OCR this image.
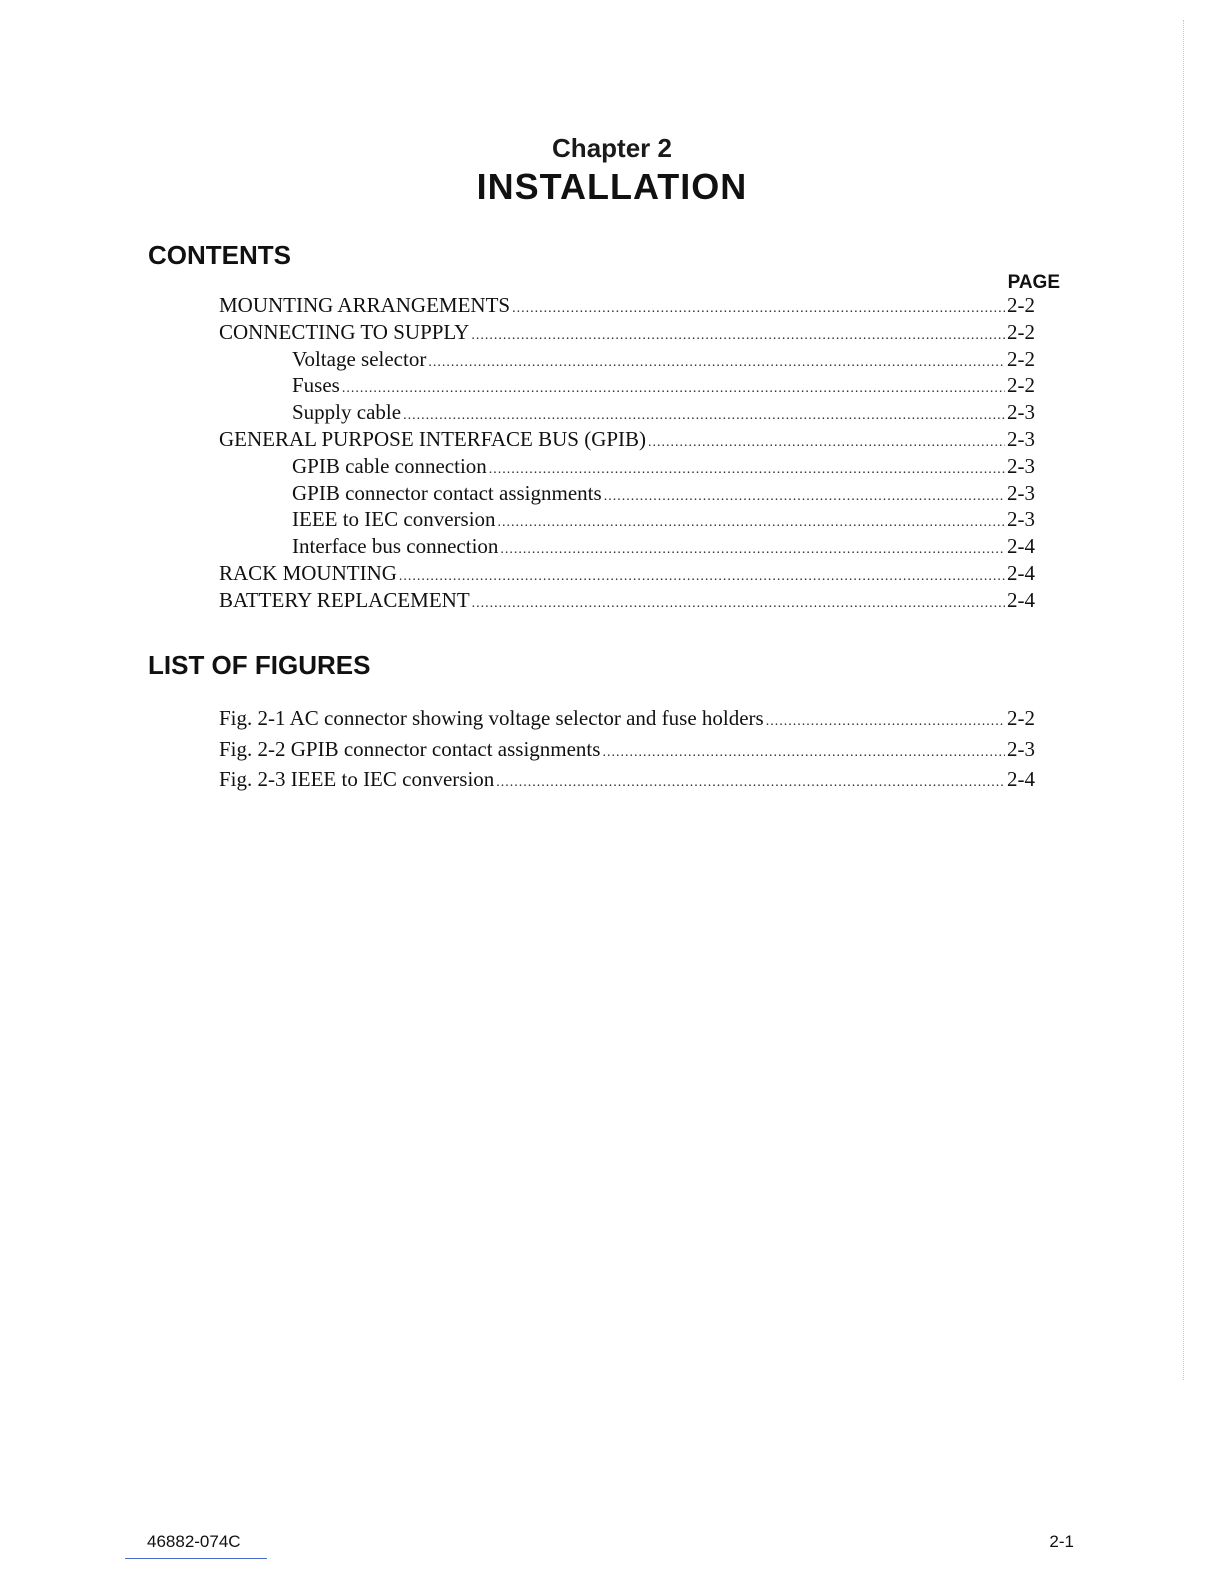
Chapter 2
INSTALLATION
CONTENTS
PAGE
MOUNTING ARRANGEMENTS .....	2-2
CONNECTING TO SUPPLY .....	2-2
Voltage selector .....	2-2
Fuses .....	2-2
Supply cable .....	2-3
GENERAL PURPOSE INTERFACE BUS (GPIB) .....	2-3
GPIB cable connection .....	2-3
GPIB connector contact assignments .....	2-3
IEEE to IEC conversion .....	2-3
Interface bus connection .....	2-4
RACK MOUNTING .....	2-4
BATTERY REPLACEMENT .....	2-4
LIST OF FIGURES
Fig. 2-1 AC connector showing voltage selector and fuse holders .....	2-2
Fig. 2-2 GPIB connector contact assignments .....	2-3
Fig. 2-3 IEEE to IEC conversion .....	2-4
46882-074C	2-1
